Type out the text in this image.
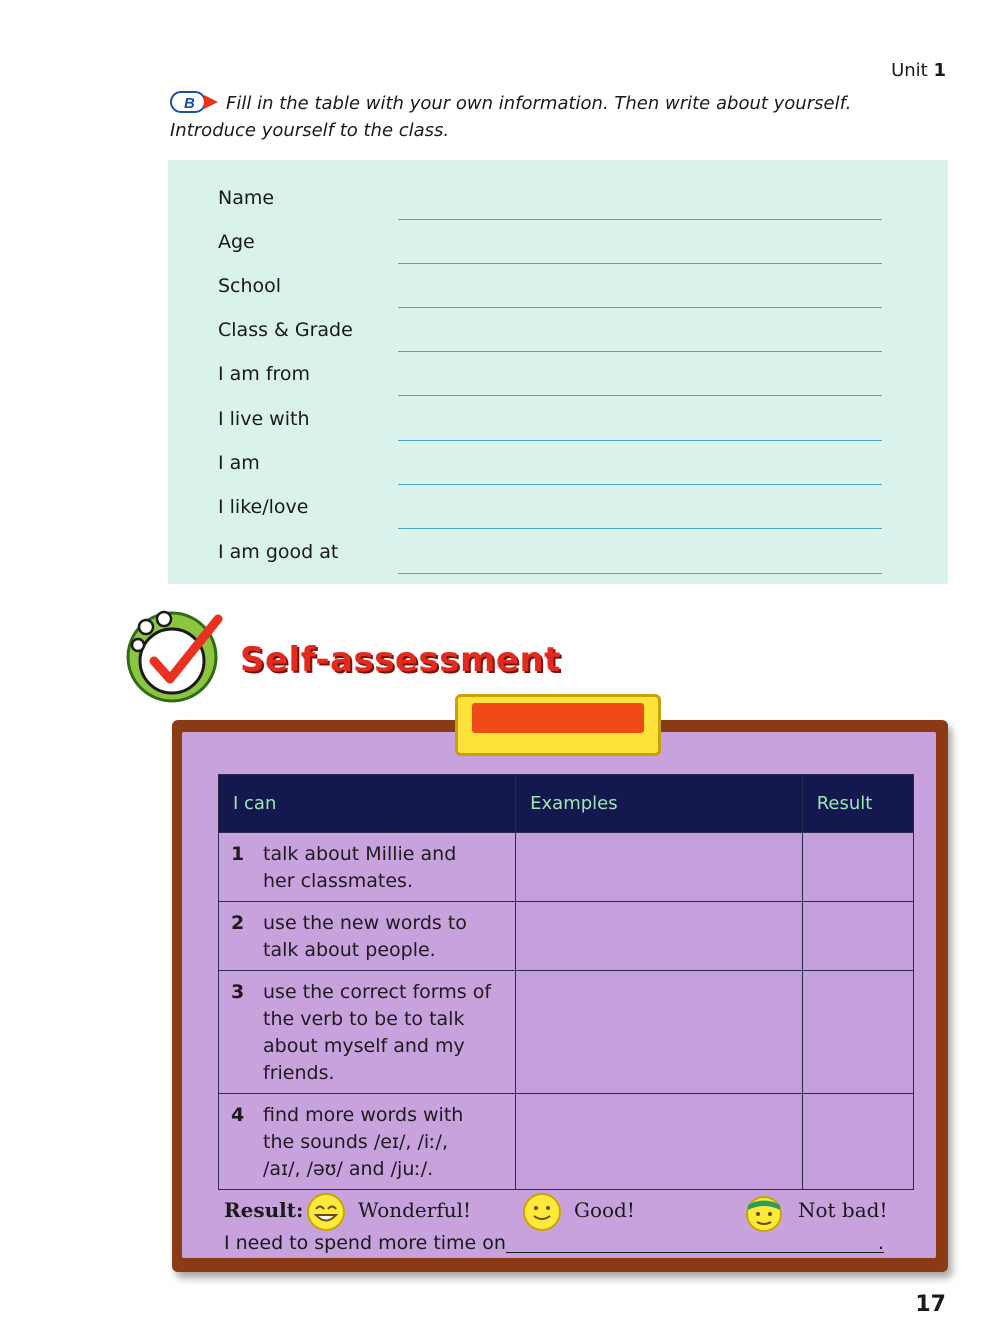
Unit 1
B Fill in the table with your own information. Then write about yourself. Introduce yourself to the class.
Name
Age
School
Class & Grade
I am from
I live with
I am
I like/love
I am good at
Self-assessment
I can	Examples	Result
1 talk about Millie and her classmates.		
2 use the new words to talk about people.		
3 use the correct forms of the verb to be to talk about myself and my friends.		
4 find more words with the sounds /eɪ/, /iː/, /aɪ/, /əʊ/ and /juː/.		
Result:	Wonderful!	Good!	Not bad!
I need to spend more time on	.
17
